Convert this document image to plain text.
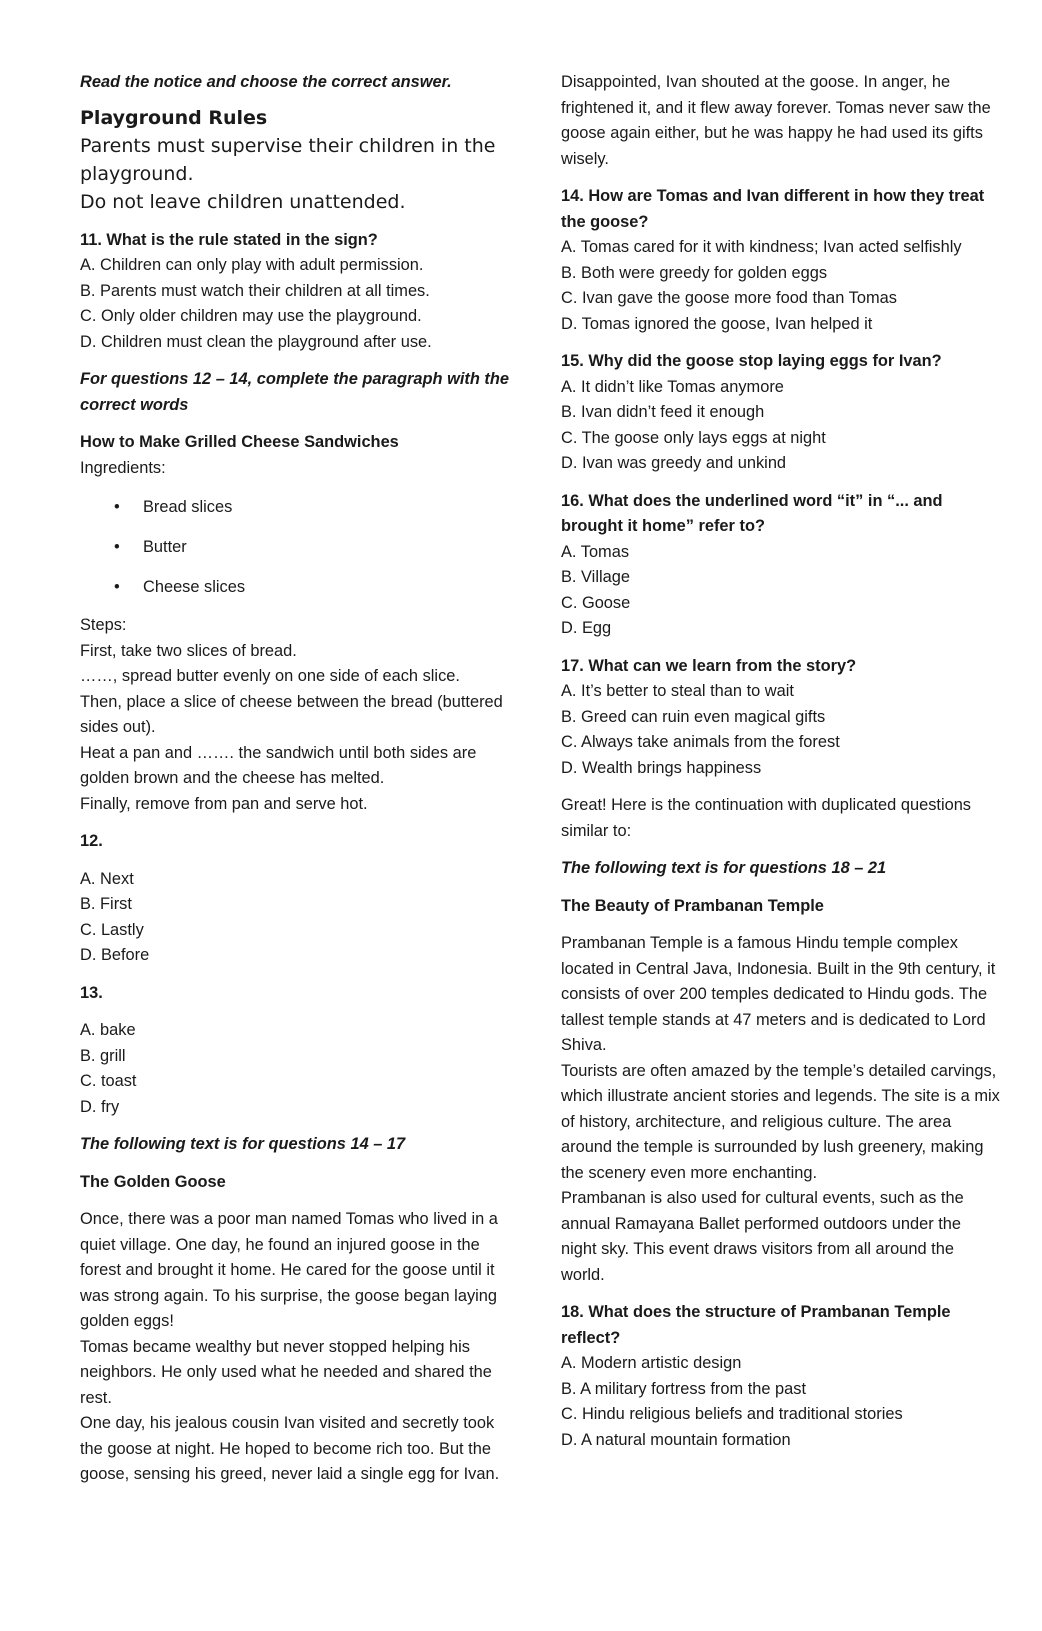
Read the notice and choose the correct answer.

Playground Rules

Parents must supervise their children in the playground.

Do not leave children unattended.

11. What is the rule stated in the sign?

A. Children can only play with adult permission.
B. Parents must watch their children at all times.
C. Only older children may use the playground.
D. Children must clean the playground after use.

For questions 12 – 14, complete the paragraph with the correct words

How to Make Grilled Cheese Sandwiches

Ingredients:

• Bread slices
• Butter
• Cheese slices

Steps:

First, take two slices of bread.

……, spread butter evenly on one side of each slice.

Then, place a slice of cheese between the bread (buttered sides out).

Heat a pan and ……. the sandwich until both sides are golden brown and the cheese has melted.

Finally, remove from pan and serve hot.

12.

A. Next
B. First
C. Lastly
D. Before

13.

A. bake
B. grill
C. toast
D. fry

The following text is for questions 14 – 17

The Golden Goose

Once, there was a poor man named Tomas who lived in a quiet village. One day, he found an injured goose in the forest and brought it home. He cared for the goose until it was strong again. To his surprise, the goose began laying golden eggs!

Tomas became wealthy but never stopped helping his neighbors. He only used what he needed and shared the rest.

One day, his jealous cousin Ivan visited and secretly took the goose at night. He hoped to become rich too. But the goose, sensing his greed, never laid a single egg for Ivan.

Disappointed, Ivan shouted at the goose. In anger, he frightened it, and it flew away forever. Tomas never saw the goose again either, but he was happy he had used its gifts wisely.

14. How are Tomas and Ivan different in how they treat the goose?

A. Tomas cared for it with kindness; Ivan acted selfishly
B. Both were greedy for golden eggs
C. Ivan gave the goose more food than Tomas
D. Tomas ignored the goose, Ivan helped it

15. Why did the goose stop laying eggs for Ivan?

A. It didn’t like Tomas anymore
B. Ivan didn’t feed it enough
C. The goose only lays eggs at night
D. Ivan was greedy and unkind

16. What does the underlined word “it” in “... and brought it home” refer to?

A. Tomas
B. Village
C. Goose
D. Egg

17. What can we learn from the story?

A. It’s better to steal than to wait
B. Greed can ruin even magical gifts
C. Always take animals from the forest
D. Wealth brings happiness

Great! Here is the continuation with duplicated questions similar to:

The following text is for questions 18 – 21

The Beauty of Prambanan Temple

Prambanan Temple is a famous Hindu temple complex located in Central Java, Indonesia. Built in the 9th century, it consists of over 200 temples dedicated to Hindu gods. The tallest temple stands at 47 meters and is dedicated to Lord Shiva.

Tourists are often amazed by the temple’s detailed carvings, which illustrate ancient stories and legends. The site is a mix of history, architecture, and religious culture. The area around the temple is surrounded by lush greenery, making the scenery even more enchanting.

Prambanan is also used for cultural events, such as the annual Ramayana Ballet performed outdoors under the night sky. This event draws visitors from all around the world.

18. What does the structure of Prambanan Temple reflect?

A. Modern artistic design
B. A military fortress from the past
C. Hindu religious beliefs and traditional stories
D. A natural mountain formation
